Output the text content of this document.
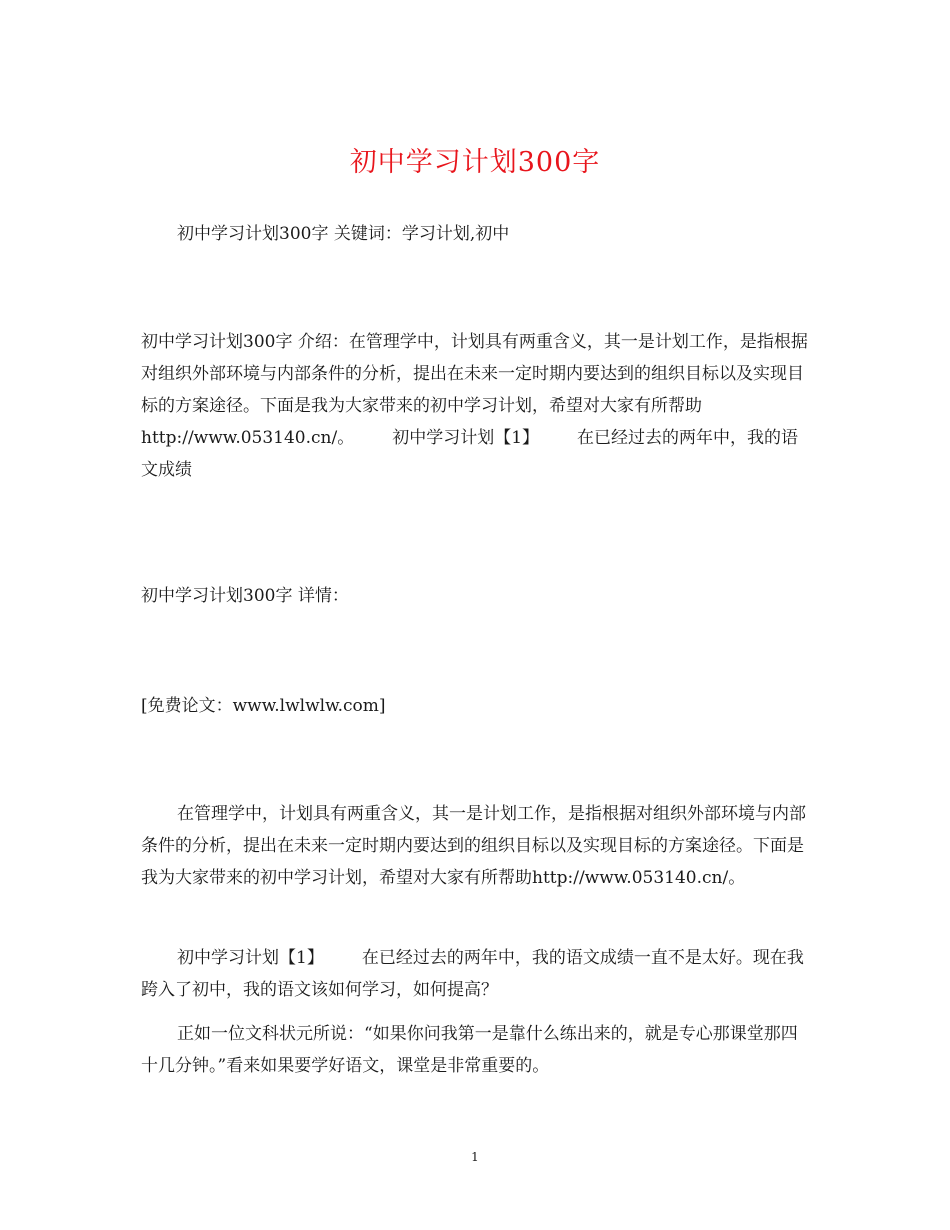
初中学习计划300字

初中学习计划300字 关键词：学习计划,初中

初中学习计划300字 介绍：在管理学中，计划具有两重含义，其一是计划工作，是指根据对组织外部环境与内部条件的分析，提出在未来一定时期内要达到的组织目标以及实现目标的方案途径。下面是我为大家带来的初中学习计划，希望对大家有所帮助http://www.053140.cn/。 初中学习计划【1】 在已经过去的两年中，我的语文成绩

初中学习计划300字 详情：

[免费论文：www.lwlwlw.com]

在管理学中，计划具有两重含义，其一是计划工作，是指根据对组织外部环境与内部条件的分析，提出在未来一定时期内要达到的组织目标以及实现目标的方案途径。下面是我为大家带来的初中学习计划，希望对大家有所帮助http://www.053140.cn/。

初中学习计划【1】 在已经过去的两年中，我的语文成绩一直不是太好。现在我跨入了初中，我的语文该如何学习，如何提高？

正如一位文科状元所说：“如果你问我第一是靠什么练出来的，就是专心那课堂那四十几分钟。”看来如果要学好语文，课堂是非常重要的。

1
